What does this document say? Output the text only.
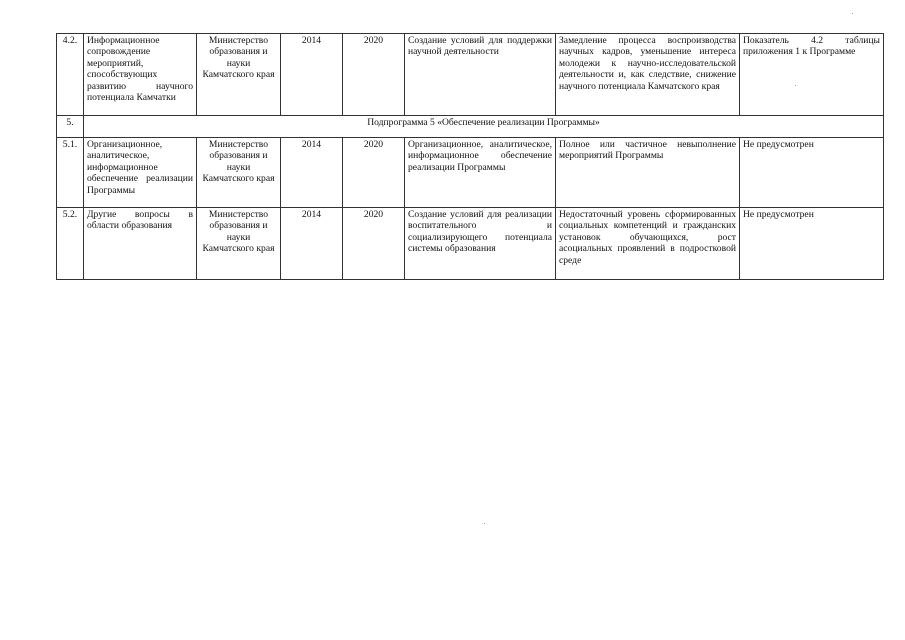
4.2.	Информационное сопровождение мероприятий, способствующих развитию научного потенциала Камчатки	Министерство образования и науки Камчатского края	2014	2020	Создание условий для поддержки научной деятельности	Замедление процесса воспроизводства научных кадров, уменьшение интереса молодежи к научно-исследовательской деятельности и, как следствие, снижение научного потенциала Камчатского края	Показатель 4.2 таблицы приложения 1 к Программе
5.	Подпрограмма 5 «Обеспечение реализации Программы»						
5.1.	Организационное, аналитическое, информационное обеспечение реализации Программы	Министерство образования и науки Камчатского края	2014	2020	Организационное, аналитическое, информационное обеспечение реализации Программы	Полное или частичное невыполнение мероприятий Программы	Не предусмотрен
5.2.	Другие вопросы в области образования	Министерство образования и науки Камчатского края	2014	2020	Создание условий для реализации воспитательного и социализирующего потенциала системы образования	Недостаточный уровень сформированных социальных компетенций и гражданских установок обучающихся, рост асоциальных проявлений в подростковой среде	Не предусмотрен
